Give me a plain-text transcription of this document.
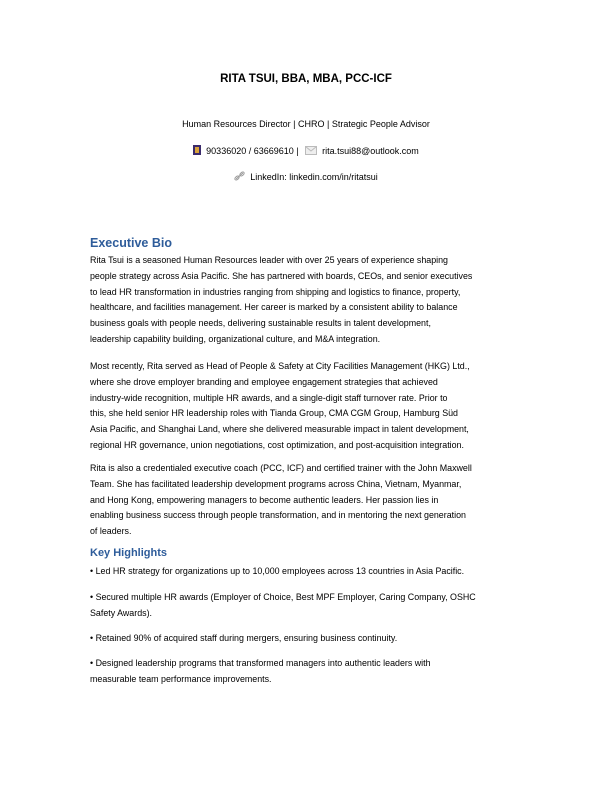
RITA TSUI, BBA, MBA, PCC-ICF
Human Resources Director | CHRO | Strategic People Advisor
90336020 / 63669610 |	rita.tsui88@outlook.com
LinkedIn: linkedin.com/in/ritatsui
Executive Bio
Rita Tsui is a seasoned Human Resources leader with over 25 years of experience shaping
people strategy across Asia Pacific. She has partnered with boards, CEOs, and senior executives
to lead HR transformation in industries ranging from shipping and logistics to finance, property,
healthcare, and facilities management. Her career is marked by a consistent ability to balance
business goals with people needs, delivering sustainable results in talent development,
leadership capability building, organizational culture, and M&A integration.
Most recently, Rita served as Head of People & Safety at City Facilities Management (HKG) Ltd.,
where she drove employer branding and employee engagement strategies that achieved
industry-wide recognition, multiple HR awards, and a single-digit staff turnover rate. Prior to
this, she held senior HR leadership roles with Tianda Group, CMA CGM Group, Hamburg Süd
Asia Pacific, and Shanghai Land, where she delivered measurable impact in talent development,
regional HR governance, union negotiations, cost optimization, and post-acquisition integration.
Rita is also a credentialed executive coach (PCC, ICF) and certified trainer with the John Maxwell
Team. She has facilitated leadership development programs across China, Vietnam, Myanmar,
and Hong Kong, empowering managers to become authentic leaders. Her passion lies in
enabling business success through people transformation, and in mentoring the next generation
of leaders.
Key Highlights
• Led HR strategy for organizations up to 10,000 employees across 13 countries in Asia Pacific.
• Secured multiple HR awards (Employer of Choice, Best MPF Employer, Caring Company, OSHC
Safety Awards).
• Retained 90% of acquired staff during mergers, ensuring business continuity.
• Designed leadership programs that transformed managers into authentic leaders with
measurable team performance improvements.
